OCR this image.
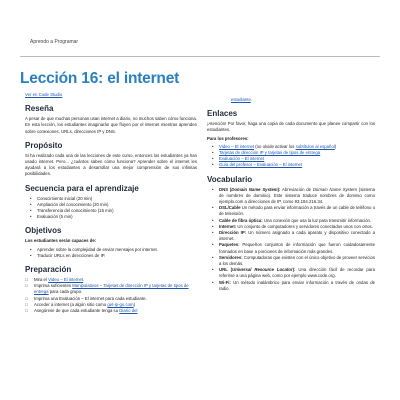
Aprendo a Programar
Lección 16: el internet
Ver en Code Studio
Reseña

A pesar de que muchas personas usan internet a diario, no muchos saben cómo funciona. En esta lección, los estudiantes imaginarán que fluyen por el internet mientras aprenden sobre conexiones, URLs, direcciones IP y DNS.

Propósito

Si ha realizado cada una de las lecciones de este curso, entonces los estudiantes ya han usado internet. Pero... ¿cuántos saben cómo funciona? Aprender sobre el internet les ayudará a los estudiantes a desarrollar una mejor comprensión de sus infinitas posibilidades.

Secuencia para el aprendizaje
• Conocimiento inicial (20 min)
• Ampliación del conocimiento (20 min)
• Transferencia del conocimiento (15 min)
• Evaluación (5 min)
Objetivos

Los estudiantes serán capaces de:

• Aprender sobre la complejidad de enviar mensajes por internet.
• Traducir URLs en direcciones de IP.
Preparación
□	Mira el Video – El internet.
□	Imprima suficientes Manipulativos – Tarjetas de dirección IP y tarjetas de tipos de entrega para cada grupo.
□	Imprima una Evaluación – El internet para cada estudiante.
□	Acceder a internet (a algún sitio como get-ip-go.com)
□	Asegúrese de que cada estudiante tenga su Diario del
estudiante.
Enlaces

¡Atención! Por favor, haga una copia de cada documento que planee compartir con los estudiantes.

Para los profesores:

• Video – El internet (no olvide activar los subtítulos al español)
• Tarjetas de dirección IP y tarjetas de tipos de entrega
• Evaluación – El internet
• Guía del profesor – Evaluación – El internet
Vocabulario
• DNS (Domain Name System): Abreviación de Domain Name System (sistema de nombres de dominio). Este sistema traduce nombres de dominio como ejemplo.com a direcciones de IP, como 93.184.216.34.
• DSL/Cable Un método para enviar información a través de un cable de teléfono o de televisión.
• Cable de fibra óptica: Una conexión que usa la luz para transmitir información.
• Internet: Un conjunto de computadores y servidores conectados unos con otros.
• Dirección IP: Un número asignado a cada aparato y dispositivo conectado a internet.
• Paquetes: Pequeños conjuntos de información que fueron cuidadosamente formados en base a porciones de información más grandes.
• Servidores: Computadoras que existen con el único objetivo de proveer servicios a los demás.
• URL (Universal Resource Locator): Una dirección fácil de recordar para referirse a una página web, como por ejemplo www.code.org.
• Wi-Fi: Un método inalámbrico para enviar información a través de ondas de radio.
